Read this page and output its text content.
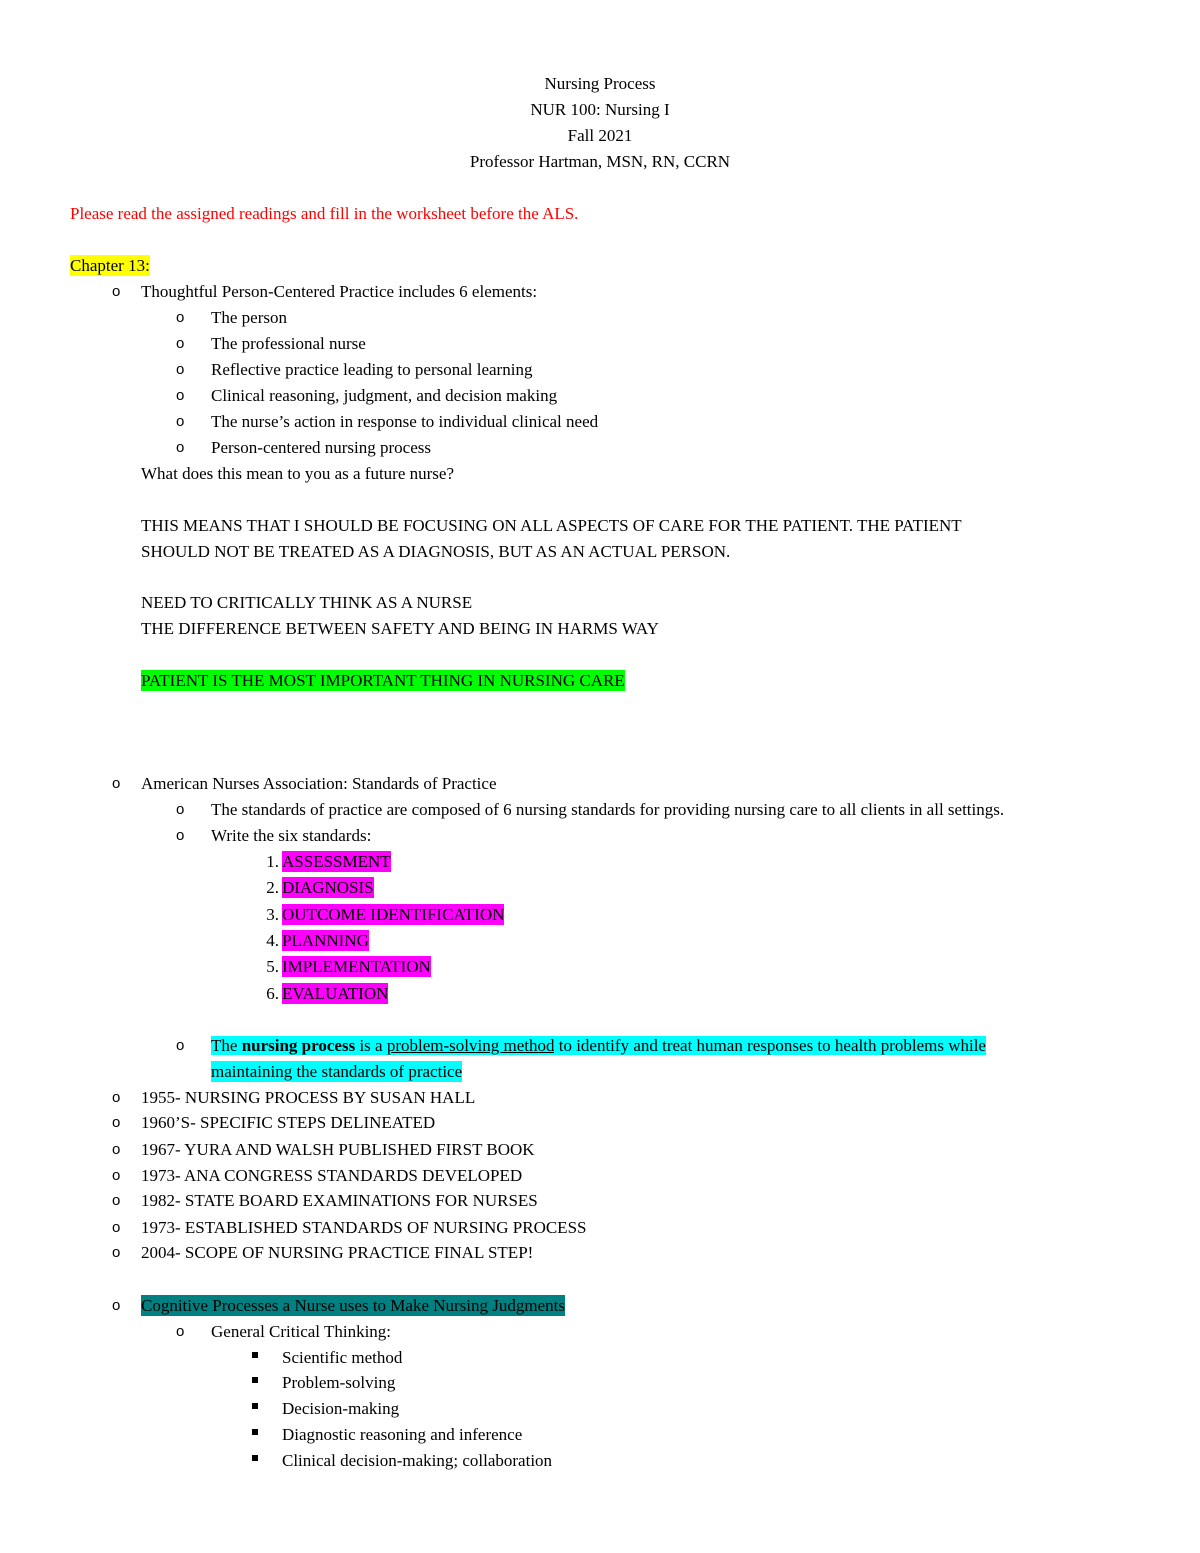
Nursing Process
NUR 100: Nursing I
Fall 2021
Professor Hartman, MSN, RN, CCRN
Please read the assigned readings and fill in the worksheet before the ALS.
Chapter 13:
o Thoughtful Person-Centered Practice includes 6 elements:
o The person
o The professional nurse
o Reflective practice leading to personal learning
o Clinical reasoning, judgment, and decision making
o The nurse’s action in response to individual clinical need
o Person-centered nursing process
What does this mean to you as a future nurse?
THIS MEANS THAT I SHOULD BE FOCUSING ON ALL ASPECTS OF CARE FOR THE PATIENT. THE PATIENT
SHOULD NOT BE TREATED AS A DIAGNOSIS, BUT AS AN ACTUAL PERSON.
NEED TO CRITICALLY THINK AS A NURSE
THE DIFFERENCE BETWEEN SAFETY AND BEING IN HARMS WAY
PATIENT IS THE MOST IMPORTANT THING IN NURSING CARE
o American Nurses Association: Standards of Practice
o The standards of practice are composed of 6 nursing standards for providing nursing care to all clients in all settings.
o Write the six standards:
1. ASSESSMENT
2. DIAGNOSIS
3. OUTCOME IDENTIFICATION
4. PLANNING
5. IMPLEMENTATION
6. EVALUATION
o The nursing process is a problem-solving method to identify and treat human responses to health problems while
maintaining the standards of practice
o 1955- NURSING PROCESS BY SUSAN HALL
o 1960’S- SPECIFIC STEPS DELINEATED
o 1967- YURA AND WALSH PUBLISHED FIRST BOOK
o 1973- ANA CONGRESS STANDARDS DEVELOPED
o 1982- STATE BOARD EXAMINATIONS FOR NURSES
o 1973- ESTABLISHED STANDARDS OF NURSING PROCESS
o 2004- SCOPE OF NURSING PRACTICE FINAL STEP!
o Cognitive Processes a Nurse uses to Make Nursing Judgments
o General Critical Thinking:
Scientific method
Problem-solving
Decision-making
Diagnostic reasoning and inference
Clinical decision-making; collaboration
